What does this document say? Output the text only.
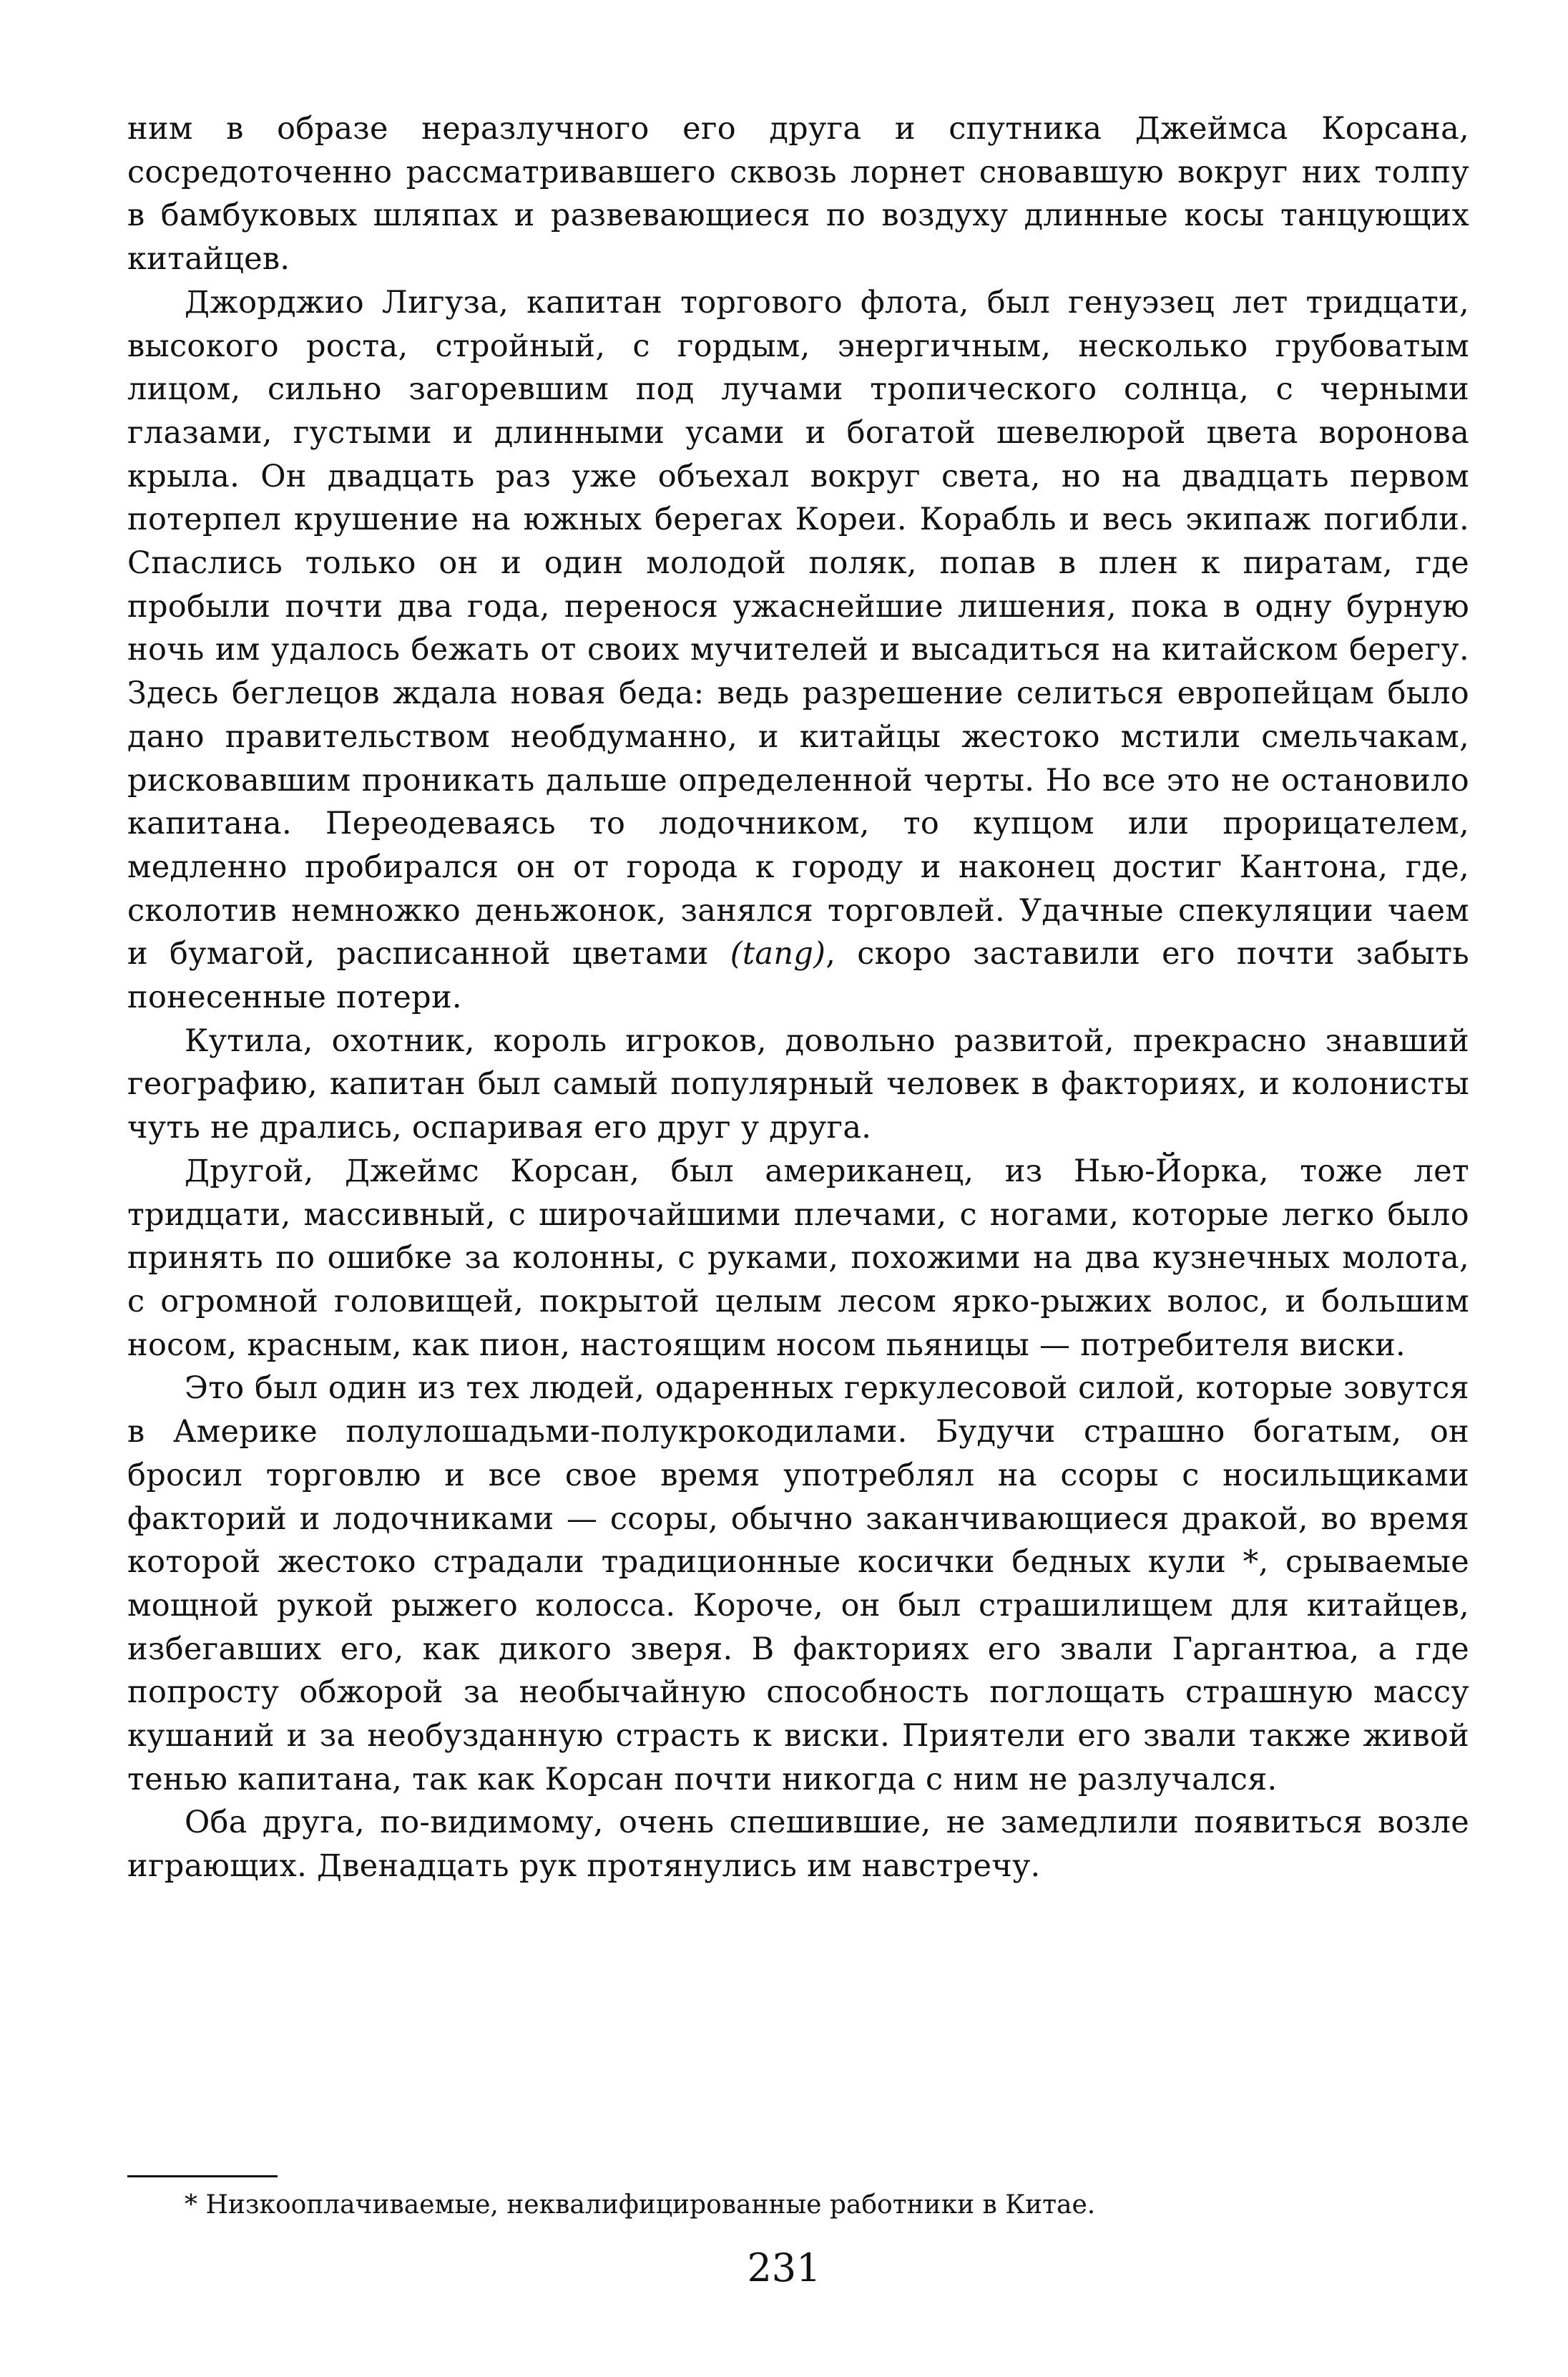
ним в образе неразлучного его друга и спутника Джеймса Корсана, сосредоточенно рассматривавшего сквозь лорнет сновавшую вокруг них толпу в бамбуковых шляпах и развевающиеся по воздуху длинные косы танцующих китайцев.

Джорджио Лигуза, капитан торгового флота, был генуэзец лет тридцати, высокого роста, стройный, с гордым, энергичным, несколько грубоватым лицом, сильно загоревшим под лучами тропического солнца, с черными глазами, густыми и длинными усами и богатой шевелюрой цвета воронова крыла. Он двадцать раз уже объехал вокруг света, но на двадцать первом потерпел крушение на южных берегах Кореи. Корабль и весь экипаж погибли. Спаслись только он и один молодой поляк, попав в плен к пиратам, где пробыли почти два года, перенося ужаснейшие лишения, пока в одну бурную ночь им удалось бежать от своих мучителей и высадиться на китайском берегу. Здесь беглецов ждала новая беда: ведь разрешение селиться европейцам было дано правительством необдуманно, и китайцы жестоко мстили смельчакам, рисковавшим проникать дальше определенной черты. Но все это не остановило капитана. Переодеваясь то лодочником, то купцом или прорицателем, медленно пробирался он от города к городу и наконец достиг Кантона, где, сколотив немножко деньжонок, занялся торговлей. Удачные спекуляции чаем и бумагой, расписанной цветами (tang), скоро заставили его почти забыть понесенные потери.

Кутила, охотник, король игроков, довольно развитой, прекрасно знавший географию, капитан был самый популярный человек в факториях, и колонисты чуть не дрались, оспаривая его друг у друга.

Другой, Джеймс Корсан, был американец, из Нью-Йорка, тоже лет тридцати, массивный, с широчайшими плечами, с ногами, которые легко было принять по ошибке за колонны, с руками, похожими на два кузнечных молота, с огромной головищей, покрытой целым лесом ярко-рыжих волос, и большим носом, красным, как пион, настоящим носом пьяницы — потребителя виски.

Это был один из тех людей, одаренных геркулесовой силой, которые зовутся в Америке полулошадьми-полукрокодилами. Будучи страшно богатым, он бросил торговлю и все свое время употреблял на ссоры с носильщиками факторий и лодочниками — ссоры, обычно заканчивающиеся дракой, во время которой жестоко страдали традиционные косички бедных кули *, срываемые мощной рукой рыжего колосса. Короче, он был страшилищем для китайцев, избегавших его, как дикого зверя. В факториях его звали Гаргантюа, а где попросту обжорой за необычайную способность поглощать страшную массу кушаний и за необузданную страсть к виски. Приятели его звали также живой тенью капитана, так как Корсан почти никогда с ним не разлучался.

Оба друга, по-видимому, очень спешившие, не замедлили появиться возле играющих. Двенадцать рук протянулись им навстречу.

* Низкооплачиваемые, неквалифицированные работники в Китае.

231
